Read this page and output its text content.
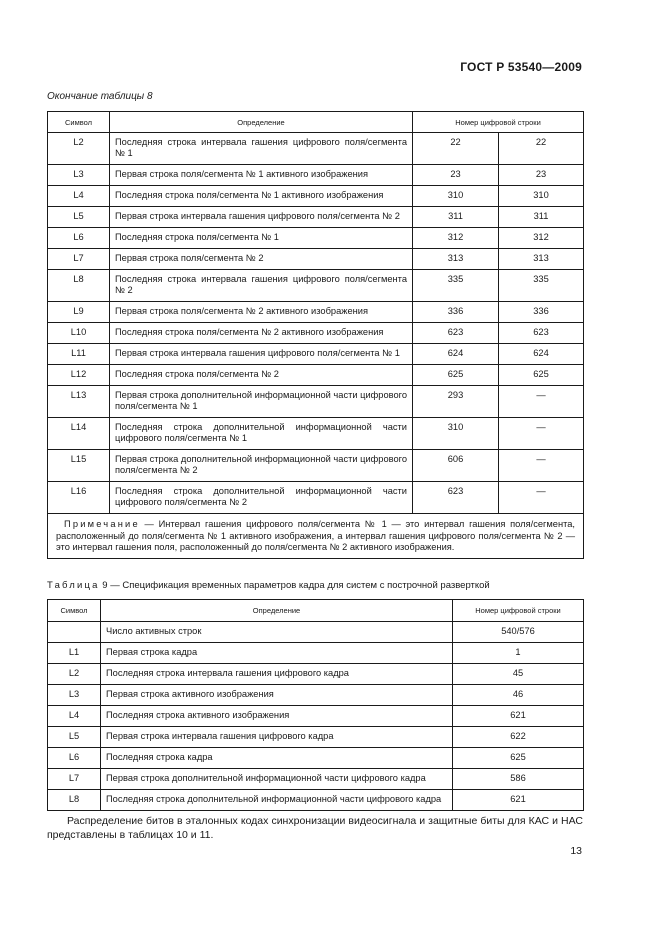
ГОСТ Р 53540—2009
Окончание таблицы 8
Символ	Определение	Номер цифровой строки	
L2	Последняя строка интервала гашения цифрового поля/сегмента № 1	22	22
L3	Первая строка поля/сегмента № 1 активного изображения	23	23
L4	Последняя строка поля/сегмента № 1 активного изображения	310	310
L5	Первая строка интервала гашения цифрового поля/сегмента № 2	311	311
L6	Последняя строка поля/сегмента № 1	312	312
L7	Первая строка поля/сегмента № 2	313	313
L8	Последняя строка интервала гашения цифрового поля/сегмента № 2	335	335
L9	Первая строка поля/сегмента № 2 активного изображения	336	336
L10	Последняя строка поля/сегмента № 2 активного изображения	623	623
L11	Первая строка интервала гашения цифрового поля/сегмента № 1	624	624
L12	Последняя строка поля/сегмента № 2	625	625
L13	Первая строка дополнительной информационной части цифрового поля/сегмента № 1	293	—
L14	Последняя строка дополнительной информационной части цифрового поля/сегмента № 1	310	—
L15	Первая строка дополнительной информационной части цифрового поля/сегмента № 2	606	—
L16	Последняя строка дополнительной информационной части цифрового поля/сегмента № 2	623	—
Примечание — Интервал гашения цифрового поля/сегмента № 1 — это интервал гашения поля/сегмента, расположенный до поля/сегмента № 1 активного изображения, а интервал гашения цифрового поля/сегмента № 2 — это интервал гашения поля, расположенный до поля/сегмента № 2 активного изображения.			
Таблица 9 — Спецификация временных параметров кадра для систем с построчной разверткой
Символ	Определение	Номер цифровой строки
	Число активных строк	540/576
L1	Первая строка кадра	1
L2	Последняя строка интервала гашения цифрового кадра	45
L3	Первая строка активного изображения	46
L4	Последняя строка активного изображения	621
L5	Первая строка интервала гашения цифрового кадра	622
L6	Последняя строка кадра	625
L7	Первая строка дополнительной информационной части цифрового кадра	586
L8	Последняя строка дополнительной информационной части цифрового кадра	621
Распределение битов в эталонных кодах синхронизации видеосигнала и защитные биты для КАС и НАС представлены в таблицах 10 и 11.
13
